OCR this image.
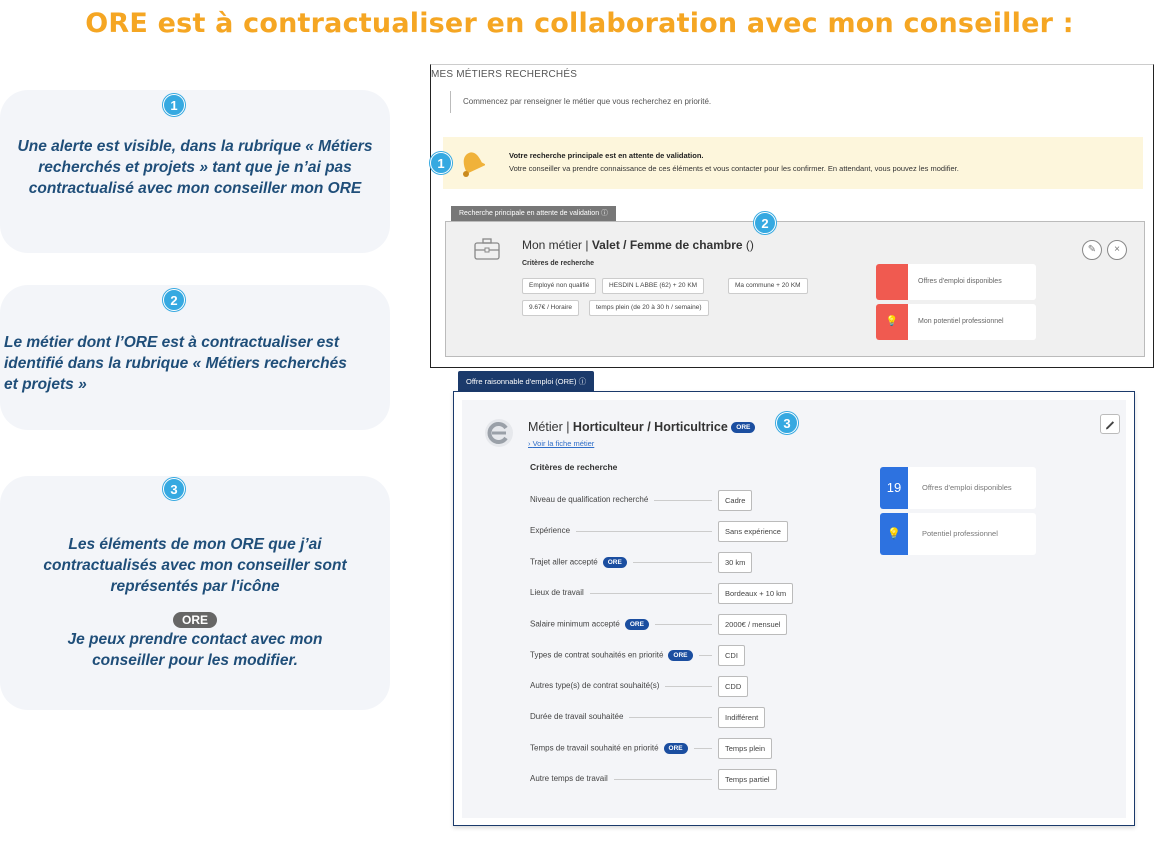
ORE est à contractualiser en collaboration avec mon conseiller :
1

Une alerte est visible, dans la rubrique « Métiers recherchés et projets » tant que je n’ai pas contractualisé avec mon conseiller mon ORE

2

Le métier dont l’ORE est à contractualiser est identifié dans la rubrique « Métiers recherchés et projets »

3

Les éléments de mon ORE que j’ai contractualisés avec mon conseiller sont représentés par l'icône

ORE

Je peux prendre contact avec mon conseiller pour les modifier.

MES MÉTIERS RECHERCHÉS
Commencez par renseigner le métier que vous recherchez en priorité.
Votre recherche principale est en attente de validation.
Votre conseiller va prendre connaissance de ces éléments et vous contacter pour les confirmer. En attendant, vous pouvez les modifier.
Recherche principale en attente de validation ⓘ
Mon métier | Valet / Femme de chambre ()
Critères de recherche
Employé non qualifié	HESDIN L ABBE (62) + 20 KM	Ma commune + 20 KM
9.67€ / Horaire	temps plein (de 20 à 30 h / semaine)
Offres d'emploi disponibles
💡	Mon potentiel professionnel
✎	×
1
2
Offre raisonnable d'emploi (ORE) ⓘ
Métier | Horticulteur / Horticultrice ORE	3
› Voir la fiche métier
Critères de recherche
Niveau de qualification recherché	Cadre
Expérience	Sans expérience
Trajet aller accepté ORE	30 km
Lieux de travail	Bordeaux + 10 km
Salaire minimum accepté ORE	2000€ / mensuel
Types de contrat souhaités en priorité ORE	CDI
Autres type(s) de contrat souhaité(s)	CDD
Durée de travail souhaitée	Indifférent
Temps de travail souhaité en priorité ORE	Temps plein
Autre temps de travail	Temps partiel
19	Offres d'emploi disponibles
💡	Potentiel professionnel
